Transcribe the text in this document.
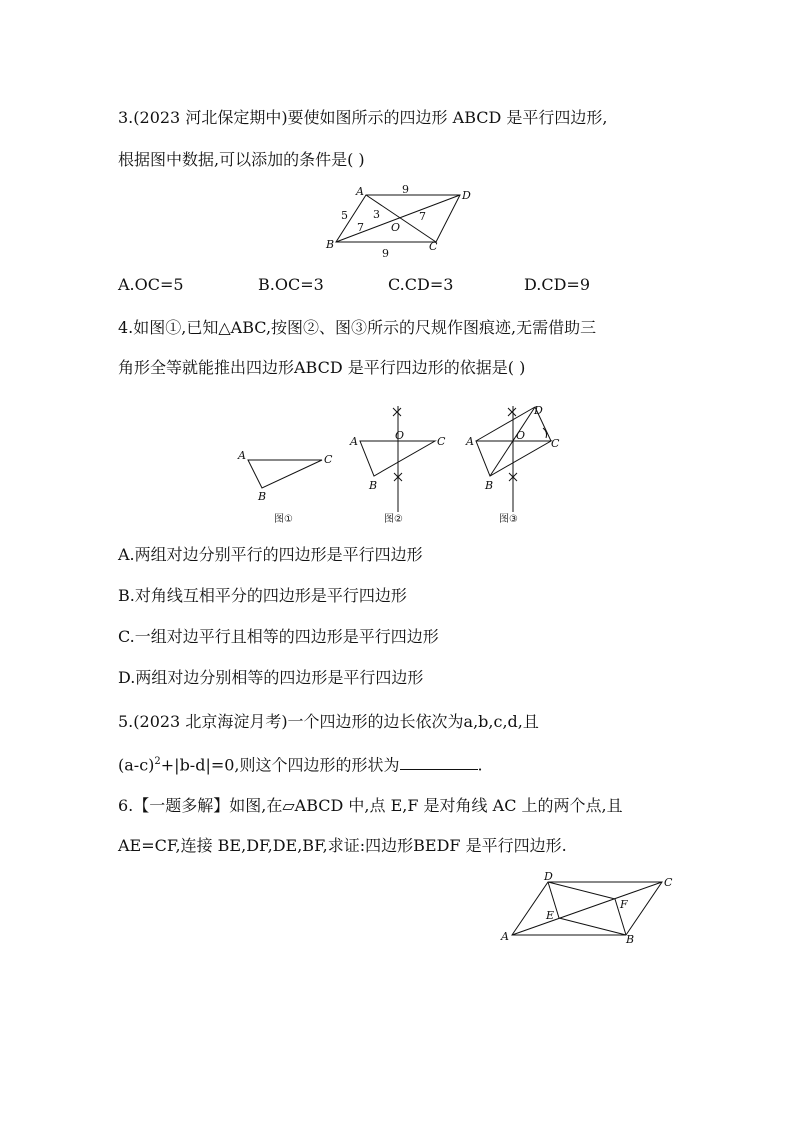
3.(2023 河北保定期中)要使如图所示的四边形 ABCD 是平行四边形,
根据图中数据,可以添加的条件是( )
A	D
B	C
O
9
9
5 3
7
7
A.OC=5	B.OC=3	C.CD=3	D.CD=9
4.如图①,已知△ABC,按图②、图③所示的尺规作图痕迹,无需借助三
角形全等就能推出四边形ABCD 是平行四边形的依据是( )
A	C
B
图①
A	C
B
O
图②
A	C
B
O
D
图③
A.两组对边分别平行的四边形是平行四边形
B.对角线互相平分的四边形是平行四边形
C.一组对边平行且相等的四边形是平行四边形
D.两组对边分别相等的四边形是平行四边形
5.(2023 北京海淀月考)一个四边形的边长依次为a,b,c,d,且
$(a-c)^2+|b-d|=0$,则这个四边形的形状为	.
6.【一题多解】如图,在▱ABCD 中,点 E,F 是对角线 AC 上的两个点,且
AE=CF,连接 BE,DF,DE,BF,求证:四边形BEDF 是平行四边形.
A	B
C
D
E
F
